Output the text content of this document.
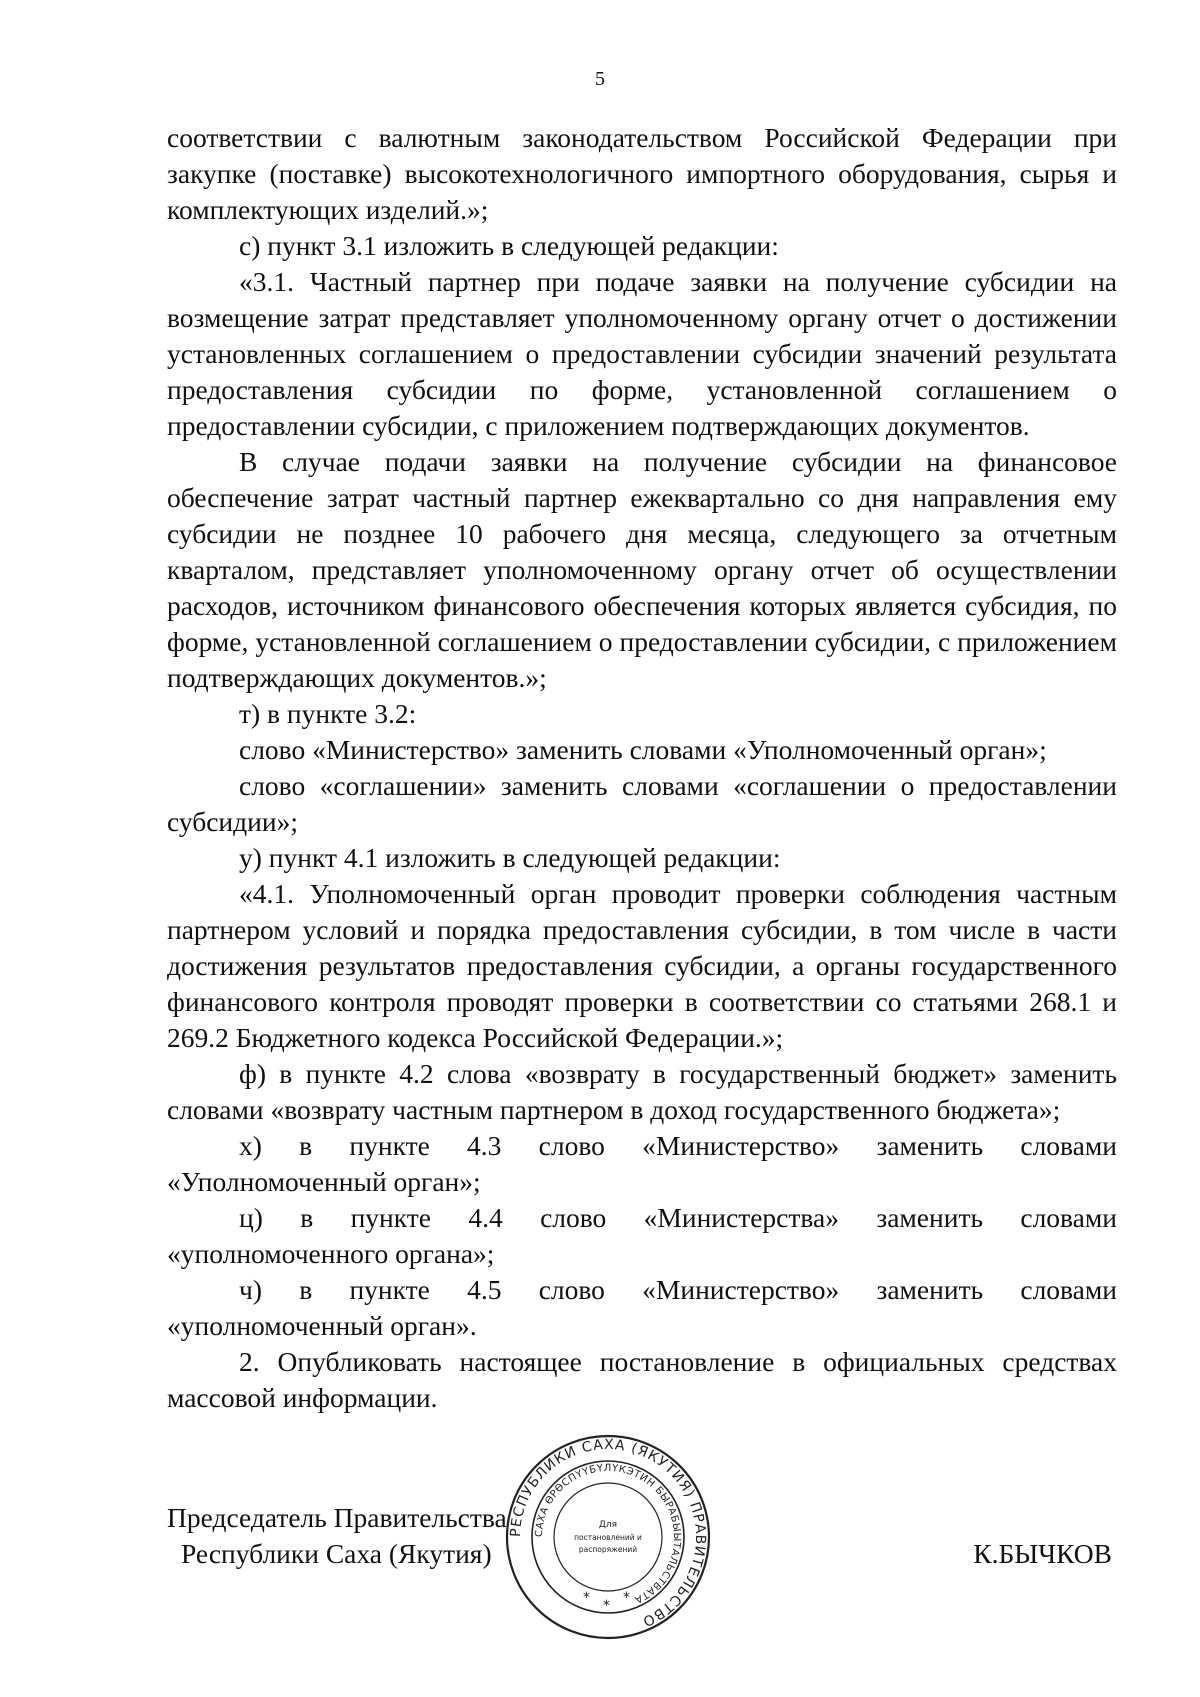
5

соответствии с валютным законодательством Российской Федерации при закупке (поставке) высокотехнологичного импортного оборудования, сырья и комплектующих изделий.»;

с) пункт 3.1 изложить в следующей редакции:

«3.1. Частный партнер при подаче заявки на получение субсидии на возмещение затрат представляет уполномоченному органу отчет о достижении установленных соглашением о предоставлении субсидии значений результата предоставления субсидии по форме, установленной соглашением о предоставлении субсидии, с приложением подтверждающих документов.

В случае подачи заявки на получение субсидии на финансовое обеспечение затрат частный партнер ежеквартально со дня направления ему субсидии не позднее 10 рабочего дня месяца, следующего за отчетным кварталом, представляет уполномоченному органу отчет об осуществлении расходов, источником финансового обеспечения которых является субсидия, по форме, установленной соглашением о предоставлении субсидии, с приложением подтверждающих документов.»;

т) в пункте 3.2:

слово «Министерство» заменить словами «Уполномоченный орган»;

слово «соглашении» заменить словами «соглашении о предоставлении субсидии»;

у) пункт 4.1 изложить в следующей редакции:

«4.1. Уполномоченный орган проводит проверки соблюдения частным партнером условий и порядка предоставления субсидии, в том числе в части достижения результатов предоставления субсидии, а органы государственного финансового контроля проводят проверки в соответствии со статьями 268.1 и 269.2 Бюджетного кодекса Российской Федерации.»;

ф) в пункте 4.2 слова «возврату в государственный бюджет» заменить словами «возврату частным партнером в доход государственного бюджета»;

х) в пункте 4.3 слово «Министерство» заменить словами «Уполномоченный орган»;

ц) в пункте 4.4 слово «Министерства» заменить словами «уполномоченного органа»;

ч) в пункте 4.5 слово «Министерство» заменить словами «уполномоченный орган».

2. Опубликовать настоящее постановление в официальных средствах массовой информации.

Председатель Правительства
Республики Саха (Якутия)	К.БЫЧКОВ
РЕСПУБЛИКИ САХА (ЯКУТИЯ) ПРАВИТЕЛЬСТВО
САХА ӨРӨСПҮҮБҮЛҮКЭТИН БЫРАБЫЫТАЛЬСТВАТА
Для
постановлений и
распоряжений
* * *
